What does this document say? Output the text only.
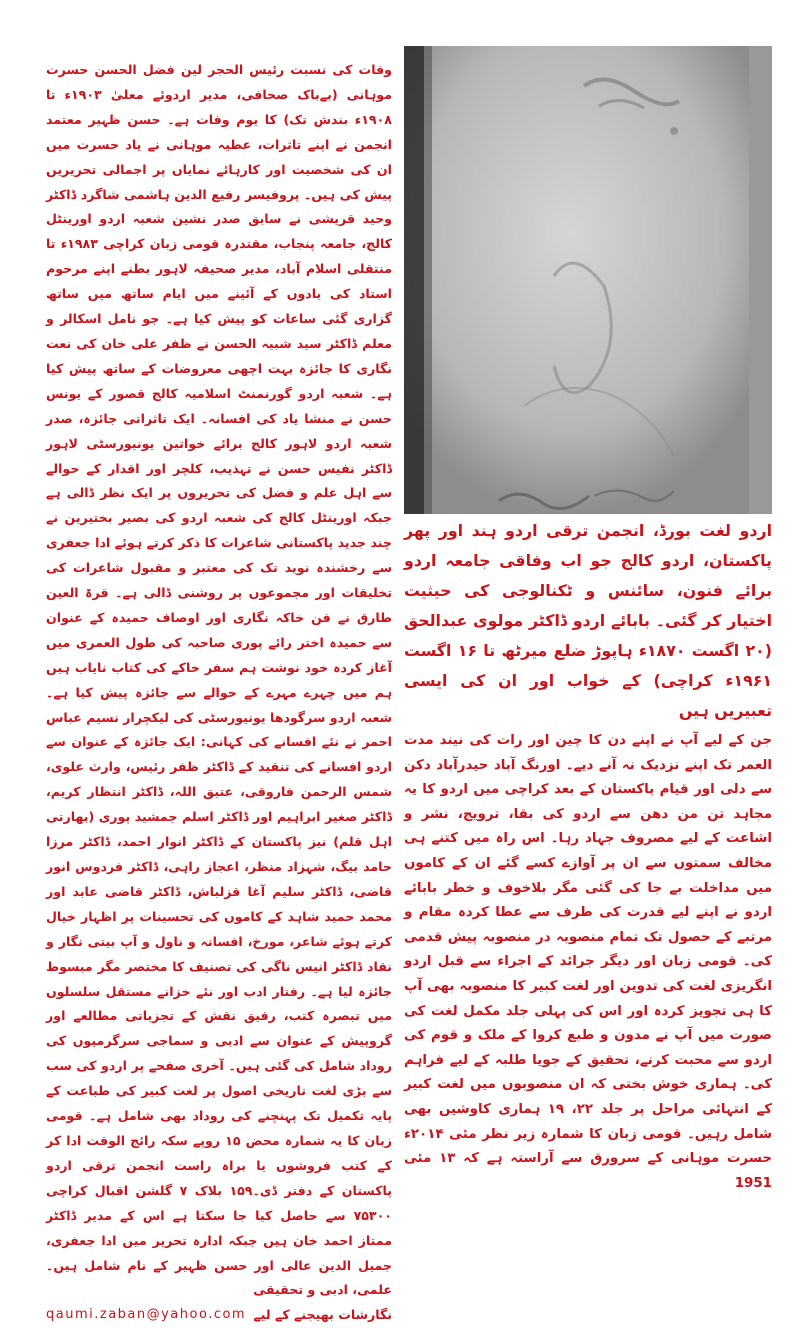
وفات کی نسبت رئیس الحجر لین فضل الحسن حسرت موہانی (بےباک صحافی، مدیر اردوئے معلیٰ ۱۹۰۳ء تا ۱۹۰۸ء بندش تک) کا یوم وفات ہے۔ حسن ظہیر معتمد انجمن نے اپنے تاثرات، عطیہ موہانی نے یاد حسرت میں ان کی شخصیت اور کارہائے نمایاں پر اجمالی تحریریں پیش کی ہیں۔ پروفیسر رفیع الدین ہاشمی شاگرد ڈاکٹر وحید قریشی نے سابق صدر نشین شعبہ اردو اورینٹل کالج، جامعہ پنجاب، مقتدرہ قومی زبان کراچی ۱۹۸۳ء تا منتقلی اسلام آباد، مدیر صحیفہ لاہور بطنے اپنے مرحوم استاد کی یادوں کے آئینے میں ایام ساتھ میں ساتھ گزاری گئی ساعات کو پیش کیا ہے۔ جو نامل اسکالر و معلم ڈاکٹر سید شبیہ الحسن نے ظفر علی خان کی نعت نگاری کا جائزہ بہت اچھی معروضات کے ساتھ پیش کیا ہے۔ شعبہ اردو گورنمنٹ اسلامیہ کالج قصور کے یونس حسن نے منشا یاد کی افسانہ۔ ایک تاثراتی جائزہ، صدر شعبہ اردو لاہور کالج برائے خواتین یونیورسٹی لاہور ڈاکٹر نفیس حسن نے تہذیب، کلچر اور اقدار کے حوالے سے اہل علم و فضل کی تحریروں پر ایک نظر ڈالی ہے جبکہ اورینٹل کالج کی شعبہ اردو کی بصیر بختیرین نے چند جدید پاکستانی شاعرات کا ذکر کرتے ہوئے ادا جعفری سے رخشندہ نوید تک کی معتبر و مقبول شاعرات کی تخلیقات اور مجموعوں پر روشنی ڈالی ہے۔ قرۃ العین طارق نے فن خاکہ نگاری اور اوصاف حمیدہ کے عنوان سے حمیدہ اختر رائے پوری صاحبہ کی طول العمری میں آغاز کردہ خود نوشت ہم سفر خاکے کی کتاب نایاب ہیں ہم میں چہرے مہرے کے حوالے سے جائزہ پیش کیا ہے۔ شعبہ اردو سرگودھا یونیورسٹی کی لیکچرار نسیم عباس احمر نے نئے افسانے کی کہانی: ایک جائزہ کے عنوان سے اردو افسانے کی تنقید کے ڈاکٹر ظفر رئیس، وارث علوی، شمس الرحمن فاروقی، عتیق اللہ، ڈاکٹر انتظار کریم، ڈاکٹر صغیر ابراہیم اور ڈاکٹر اسلم جمشید پوری (بھارتی اہل قلم) نیز پاکستان کے ڈاکٹر انوار احمد، ڈاکٹر مرزا حامد بیگ، شہزاد منظر، اعجاز راہی، ڈاکٹر فردوس انور قاضی، ڈاکٹر سلیم آغا قزلباش، ڈاکٹر قاضی عابد اور محمد حمید شاہد کے کاموں کی تحسینات پر اظہار خیال کرتے ہوئے شاعر، مورخ، افسانہ و ناول و آپ بیتی نگار و نقاد ڈاکٹر انیس ناگی کی تصنیف کا مختصر مگر مبسوط جائزہ لیا ہے۔ رفتار ادب اور نئے خزانے مستقل سلسلوں میں تبصرہ کتب، رفیق نقش کے تجزیاتی مطالعے اور گروپیش کے عنوان سے ادبی و سماجی سرگرمیوں کی روداد شامل کی گئی ہیں۔ آخری صفحے پر اردو کی سب سے بڑی لغت تاریخی اصول پر لغت کبیر کی طباعت کے پایہ تکمیل تک پہنچنے کی روداد بھی شامل ہے۔ قومی زبان کا یہ شمارہ محض ۱۵ روپے سکہ رائج الوقت ادا کر کے کتب فروشوں یا براہ راست انجمن ترقی اردو پاکستان کے دفتر ڈی۔۱۵۹ بلاک ۷ گلشن اقبال کراچی ۷۵۳۰۰ سے حاصل کیا جا سکتا ہے اس کے مدیر ڈاکٹر ممتاز احمد خان ہیں جبکہ ادارہ تحریر میں ادا جعفری، جمیل الدین عالی اور حسن ظہیر کے نام شامل ہیں۔ علمی، ادبی و تحقیقی

qaumi.zaban@yahoo.com نگارشات بھیجنے کے لیے

اردو لغت بورڈ، انجمن ترقی اردو ہند اور پھر پاکستان، اردو کالج جو اب وفاقی جامعہ اردو برائے فنون، سائنس و ٹکنالوجی کی حیثیت اختیار کر گئی۔ بابائے اردو ڈاکٹر مولوی عبدالحق (۲۰ اگست ۱۸۷۰ء ہاپوڑ ضلع میرٹھ تا ۱۶ اگست ۱۹۶۱ء کراچی) کے خواب اور ان کی ایسی تعبیریں ہیں

جن کے لیے آپ نے اپنے دن کا چین اور رات کی نیند مدت العمر تک اپنے نزدیک نہ آنے دیے۔ اورنگ آباد حیدرآباد دکن سے دلی اور قیام پاکستان کے بعد کراچی میں اردو کا یہ مجاہد تن من دھن سے اردو کی بقا، ترویج، نشر و اشاعت کے لیے مصروف جہاد رہا۔ اس راہ میں کتنے ہی مخالف سمتوں سے ان پر آوازے کسے گئے ان کے کاموں میں مداخلت بے جا کی گئی مگر بلاخوف و خطر بابائے اردو نے اپنے لیے قدرت کی طرف سے عطا کردہ مقام و مرتبے کے حصول تک تمام منصوبہ در منصوبہ پیش قدمی کی۔ قومی زبان اور دیگر جرائد کے اجراء سے قبل اردو انگریزی لغت کی تدوین اور لغت کبیر کا منصوبہ بھی آپ کا ہی تجویز کردہ اور اس کی پہلی جلد مکمل لغت کی صورت میں آپ نے مدون و طبع کروا کے ملک و قوم کی اردو سے محبت کرنے، تحقیق کے جویا طلبہ کے لیے فراہم کی۔ ہماری خوش بختی کہ ان منصوبوں میں لغت کبیر کے انتہائی مراحل پر جلد ۲۲، ۱۹ ہماری کاوشیں بھی شامل رہیں۔ قومی زبان کا شمارہ زیر نظر مئی ۲۰۱۴ء حسرت موہانی کے سرورق سے آراستہ ہے کہ ۱۳ مئی 1951
